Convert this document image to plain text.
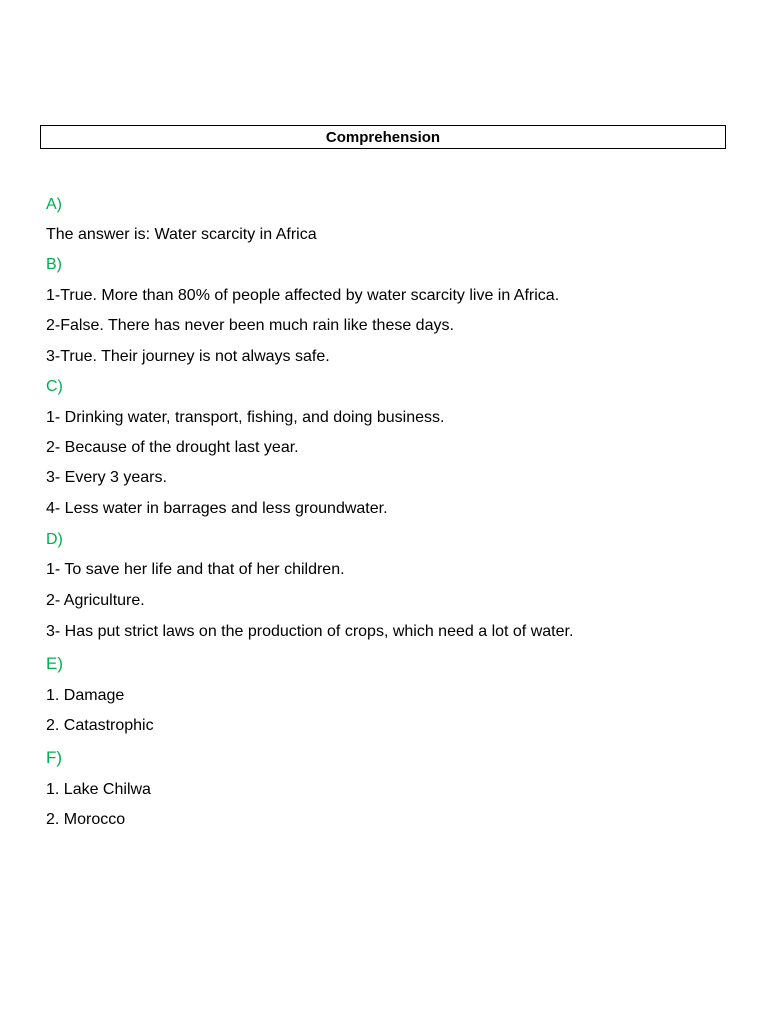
Comprehension
A)
The answer is: Water scarcity in Africa
B)
1-True. More than 80% of people affected by water scarcity live in Africa.
2-False. There has never been much rain like these days.
3-True. Their journey is not always safe.
C)
1- Drinking water, transport, fishing, and doing business.
2- Because of the drought last year.
3- Every 3 years.
4- Less water in barrages and less groundwater.
D)
1- To save her life and that of her children.
2- Agriculture.
3- Has put strict laws on the production of crops, which need a lot of water.
E)
1. Damage
2. Catastrophic
F)
1. Lake Chilwa
2. Morocco
